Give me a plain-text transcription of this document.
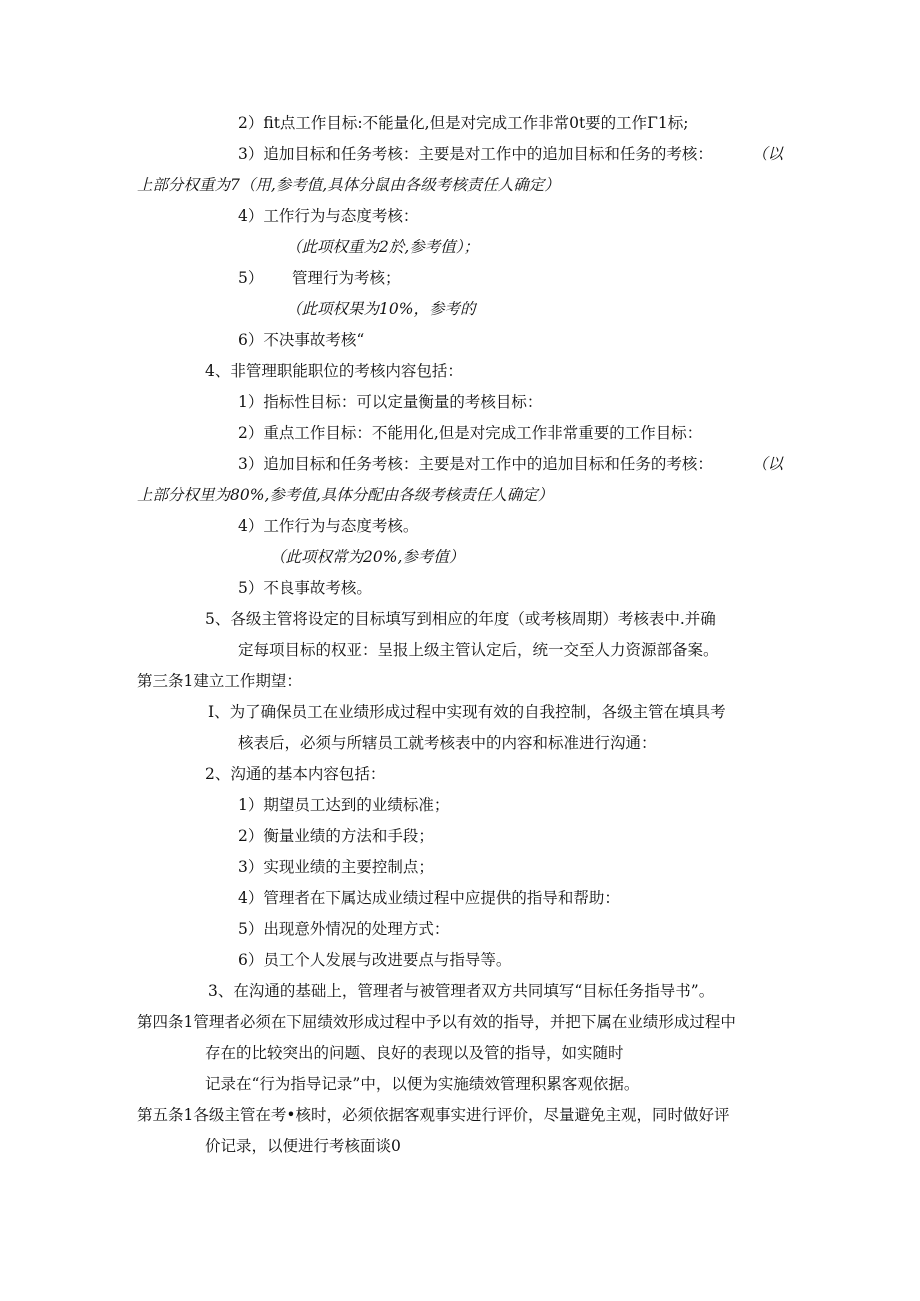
2）fit点工作目标:不能量化,但是对完成工作非常0t要的工作Γ1标;
3）追加目标和任务考核：主要是对工作中的追加目标和任务的考核：	（以
上部分权重为7（用,参考值,具体分鼠由各级考核责任人确定）
4）工作行为与态度考核：
（此项权重为2於,参考值）；
5） 管理行为考核；
（此项权果为10%，参考的
6）不决事故考核“
4、非管理职能职位的考核内容包括：
1）指标性目标：可以定量衡量的考核目标：
2）重点工作目标：不能用化,但是对完成工作非常重要的工作目标：
3）追加目标和任务考核：主要是对工作中的追加目标和任务的考核：	（以
上部分权里为80%,参考值,具体分配由各级考核责任人确定）
4）工作行为与态度考核。
（此项权常为20%,参考值）
5）不良事故考核。
5、各级主管将设定的目标填写到相应的年度（或考核周期）考核表中.并确
定每项目标的权亚：呈报上级主管认定后，统一交至人力资源部备案。
第三条1建立工作期望：
I、为了确保员工在业绩形成过程中实现有效的自我控制，各级主管在填具考
核表后，必须与所辖员工就考核表中的内容和标准进行沟通：
2、沟通的基本内容包括：
1）期望员工达到的业绩标准；
2）衡量业绩的方法和手段；
3）实现业绩的主要控制点；
4）管理者在下属达成业绩过程中应提供的指导和帮助：
5）出现意外情况的处理方式：
6）员工个人发展与改进要点与指导等。
3、在沟通的基础上，管理者与被管理者双方共同填写“目标任务指导书”。
第四条1管理者必须在下屈绩效形成过程中予以有效的指导，并把下属在业绩形成过程中
存在的比较突出的问题、良好的表现以及管的指导，如实随时
记录在“行为指导记录”中，以便为实施绩效管理积累客观依据。
第五条1各级主管在考•核时，必须依据客观事实进行评价，尽量避免主观，同时做好评
价记录，以便进行考核面谈0
